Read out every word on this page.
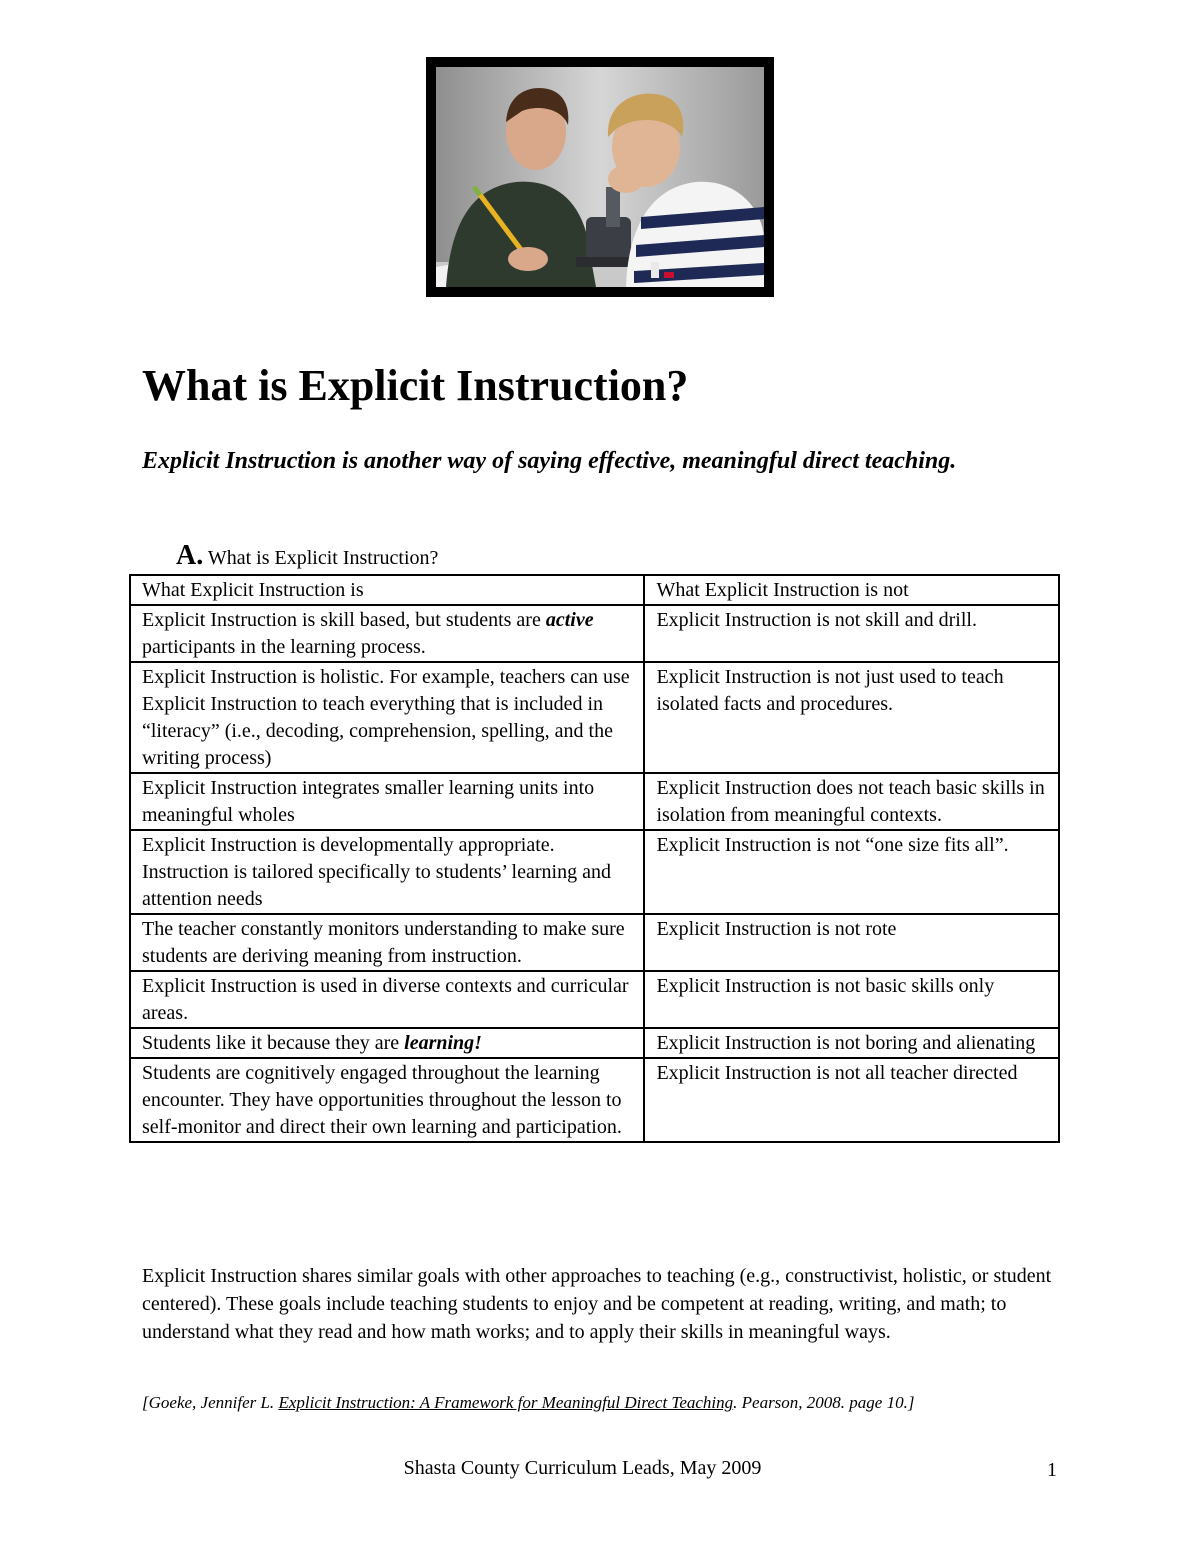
What is Explicit Instruction?

Explicit Instruction is another way of saying effective, meaningful direct teaching.

A. What is Explicit Instruction?

What Explicit Instruction is	What Explicit Instruction is not
Explicit Instruction is skill based, but students are active participants in the learning process.	Explicit Instruction is not skill and drill.
Explicit Instruction is holistic. For example, teachers can use Explicit Instruction to teach everything that is included in “literacy” (i.e., decoding, comprehension, spelling, and the writing process)	Explicit Instruction is not just used to teach isolated facts and procedures.
Explicit Instruction integrates smaller learning units into meaningful wholes	Explicit Instruction does not teach basic skills in isolation from meaningful contexts.
Explicit Instruction is developmentally appropriate. Instruction is tailored specifically to students’ learning and attention needs	Explicit Instruction is not “one size fits all”.
The teacher constantly monitors understanding to make sure students are deriving meaning from instruction.	Explicit Instruction is not rote
Explicit Instruction is used in diverse contexts and curricular areas.	Explicit Instruction is not basic skills only
Students like it because they are learning!	Explicit Instruction is not boring and alienating
Students are cognitively engaged throughout the learning encounter. They have opportunities throughout the lesson to self-monitor and direct their own learning and participation.	Explicit Instruction is not all teacher directed

Explicit Instruction shares similar goals with other approaches to teaching (e.g., constructivist, holistic, or student centered). These goals include teaching students to enjoy and be competent at reading, writing, and math; to understand what they read and how math works; and to apply their skills in meaningful ways.

[Goeke, Jennifer L. Explicit Instruction: A Framework for Meaningful Direct Teaching. Pearson, 2008. page 10.]

Shasta County Curriculum Leads, May 2009	1
